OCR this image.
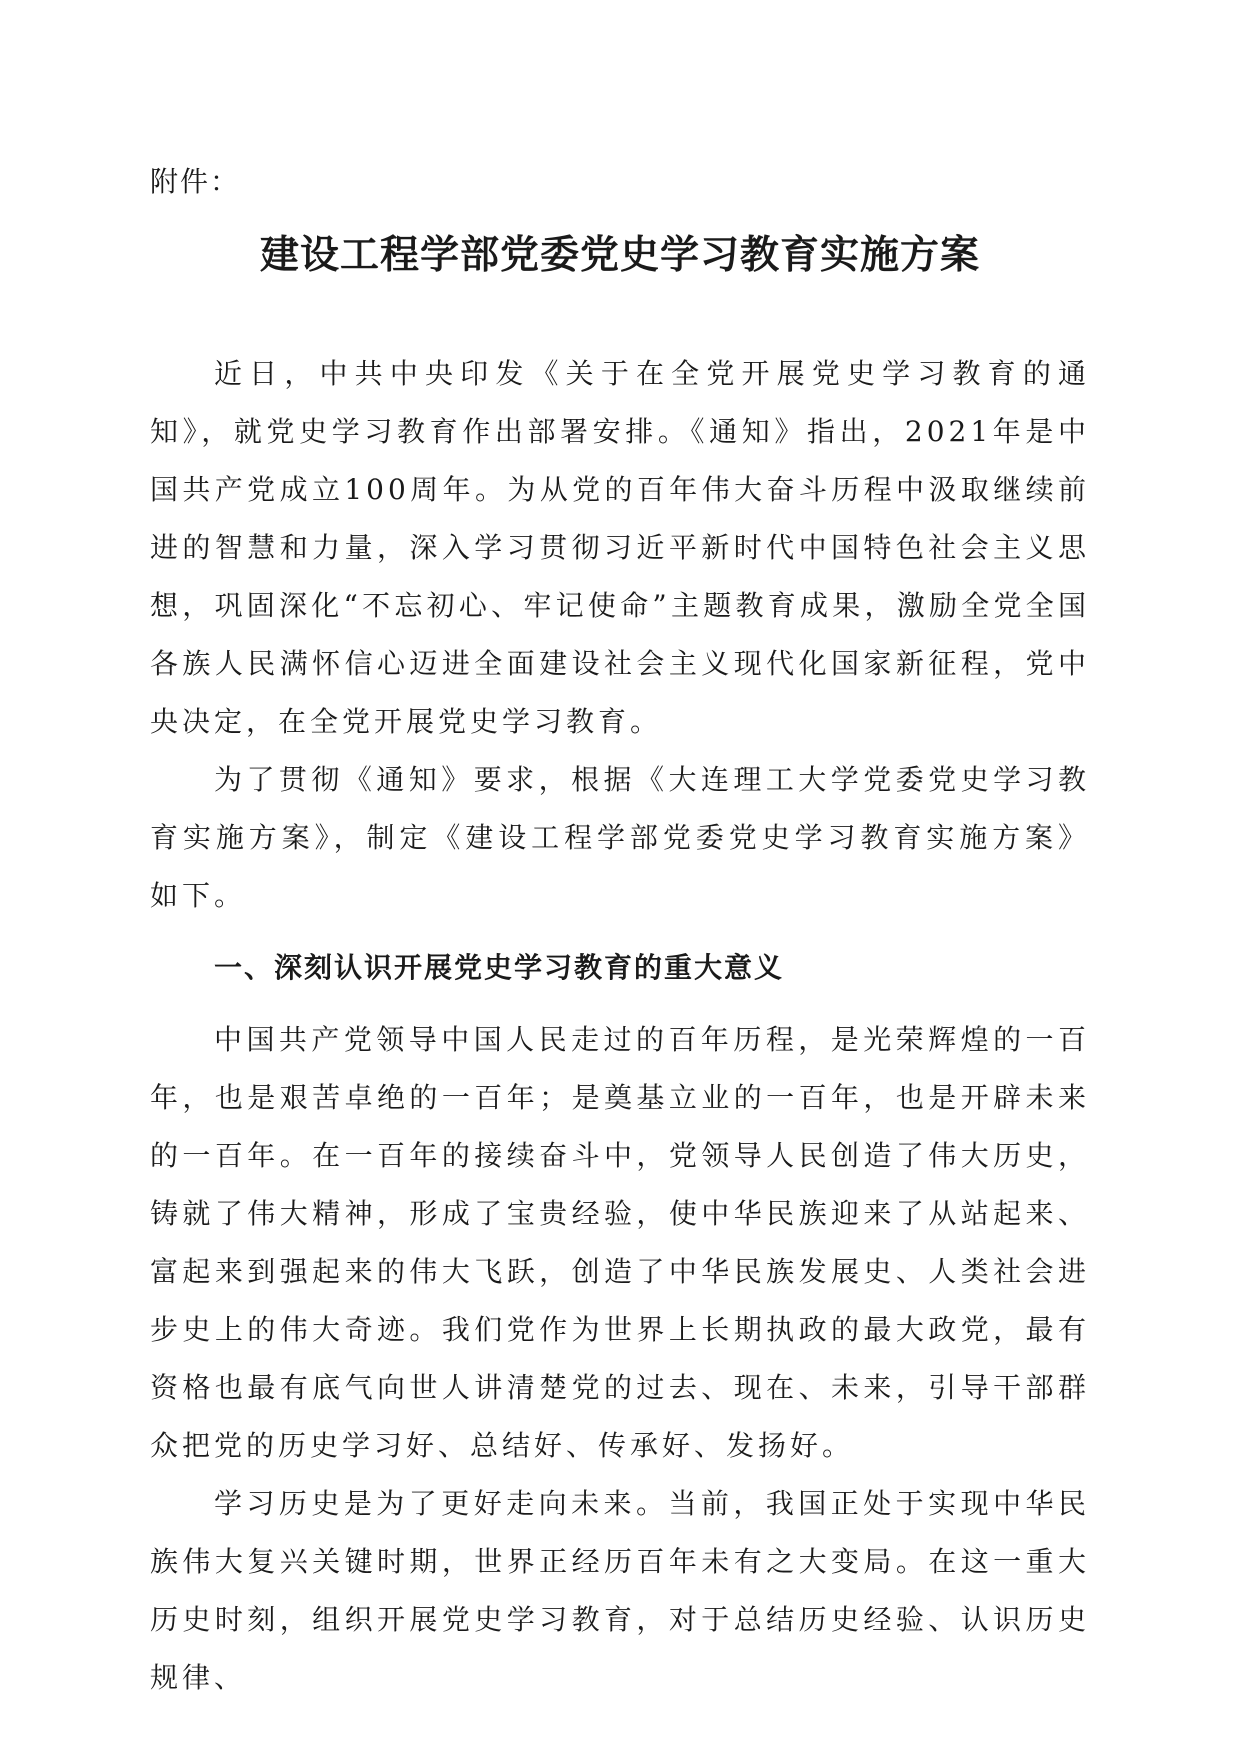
附件：
建设工程学部党委党史学习教育实施方案

近日，中共中央印发《关于在全党开展党史学习教育的通知》，就党史学习教育作出部署安排。《通知》指出，2021年是中国共产党成立100周年。为从党的百年伟大奋斗历程中汲取继续前进的智慧和力量，深入学习贯彻习近平新时代中国特色社会主义思想，巩固深化“不忘初心、牢记使命”主题教育成果，激励全党全国各族人民满怀信心迈进全面建设社会主义现代化国家新征程，党中央决定，在全党开展党史学习教育。

为了贯彻《通知》要求，根据《大连理工大学党委党史学习教育实施方案》，制定《建设工程学部党委党史学习教育实施方案》如下。

一、深刻认识开展党史学习教育的重大意义

中国共产党领导中国人民走过的百年历程，是光荣辉煌的一百年，也是艰苦卓绝的一百年；是奠基立业的一百年，也是开辟未来的一百年。在一百年的接续奋斗中，党领导人民创造了伟大历史，铸就了伟大精神，形成了宝贵经验，使中华民族迎来了从站起来、富起来到强起来的伟大飞跃，创造了中华民族发展史、人类社会进步史上的伟大奇迹。我们党作为世界上长期执政的最大政党，最有资格也最有底气向世人讲清楚党的过去、现在、未来，引导干部群众把党的历史学习好、总结好、传承好、发扬好。

学习历史是为了更好走向未来。当前，我国正处于实现中华民族伟大复兴关键时期，世界正经历百年未有之大变局。在这一重大历史时刻，组织开展党史学习教育，对于总结历史经验、认识历史规律、
